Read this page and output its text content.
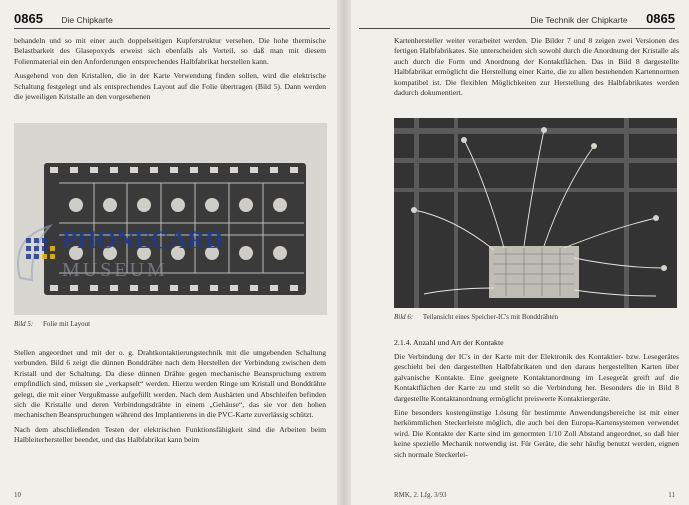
0865 Die Chipkarte

behandeln und so mit einer auch doppelseitigen Kupferstruktur versehen. Die hohe thermische Belastbarkeit des Glasepoxyds erweist sich ebenfalls als Vorteil, so daß man mit diesem Folienmaterial ein den Anforderungen entsprechendes Halbfabrikat herstellen kann.

Ausgehend von den Kristallen, die in der Karte Verwendung finden sollen, wird die elektrische Schaltung festgelegt und als entsprechendes Layout auf die Folie übertragen (Bild 5). Dann werden die jeweiligen Kristalle an den vorgesehenen

Bild 5: Folie mit Layout

Stellen angeordnet und mit der o. g. Drahtkontaktierungstechnik mit die umgebenden Schaltung verbunden. Bild 6 zeigt die dünnen Bonddrähte nach dem Herstellen der Verbindung zwischen dem Kristall und der Schaltung. Da diese dünnen Drähte gegen mechanische Beanspruchung extrem empfindlich sind, müssen sie „verkapselt“ werden. Hierzu werden Ringe um Kristall und Bonddrähte gelegt, die mit einer Vergußmasse aufgefüllt werden. Nach dem Aushärten und Abschleifen befinden sich die Kristalle und deren Verbindungsdrähte in einem „Gehäuse“, das sie vor den hohen mechanischen Beanspruchungen während des Implantierens in die PVC-Karte zuverlässig schützt.

Nach dem abschließenden Testen der elektrischen Funktionsfähigkeit sind die Arbeiten beim Halbleiterhersteller beendet, und das Halbfabrikat kann beim

10
PHONECARD
MUSEUM
Die Technik der Chipkarte 0865

Kartenhersteller weiter verarbeitet werden. Die Bilder 7 und 8 zeigen zwei Versionen des fertigen Halbfabrikates. Sie unterscheiden sich sowohl durch die Anordnung der Kristalle als auch durch die Form und Anordnung der Kontaktflächen. Das in Bild 8 dargestellte Halbfabrikat ermöglicht die Herstellung einer Karte, die zu allen bestehenden Kartennormen kompatibel ist. Die flexiblen Möglichkeiten zur Herstellung des Halbfabrikates werden dadurch dokumentiert.

Bild 6: Teilansicht eines Speicher-IC's mit Bonddrähten
2.1.4. Anzahl und Art der Kontakte

Die Verbindung der IC's in der Karte mit der Elektronik des Kontaktier- bzw. Lesegerätes geschieht bei den dargestellten Halbfabrikaten und den daraus hergestellten Karten über galvanische Kontakte. Eine geeignete Kontaktanordnung im Lesegerät greift auf die Kontaktflächen der Karte zu und stellt so die Verbindung her. Besonders die in Bild 8 dargestellte Kontaktanordnung ermöglicht preiswerte Kontaktiergeräte.

Eine besonders kostengünstige Lösung für bestimmte Anwendungsbereiche ist mit einer herkömmlichen Steckerleiste möglich, die auch bei den Europa-Kartensystemen verwendet wird. Die Kontakte der Karte sind im genormten 1/10 Zoll Abstand angeordnet, so daß hier keine spezielle Mechanik notwendig ist. Für Geräte, die sehr häufig benutzt werden, eignen sich normale Steckerlei-

RMK, 2. Lfg. 3/93	11
